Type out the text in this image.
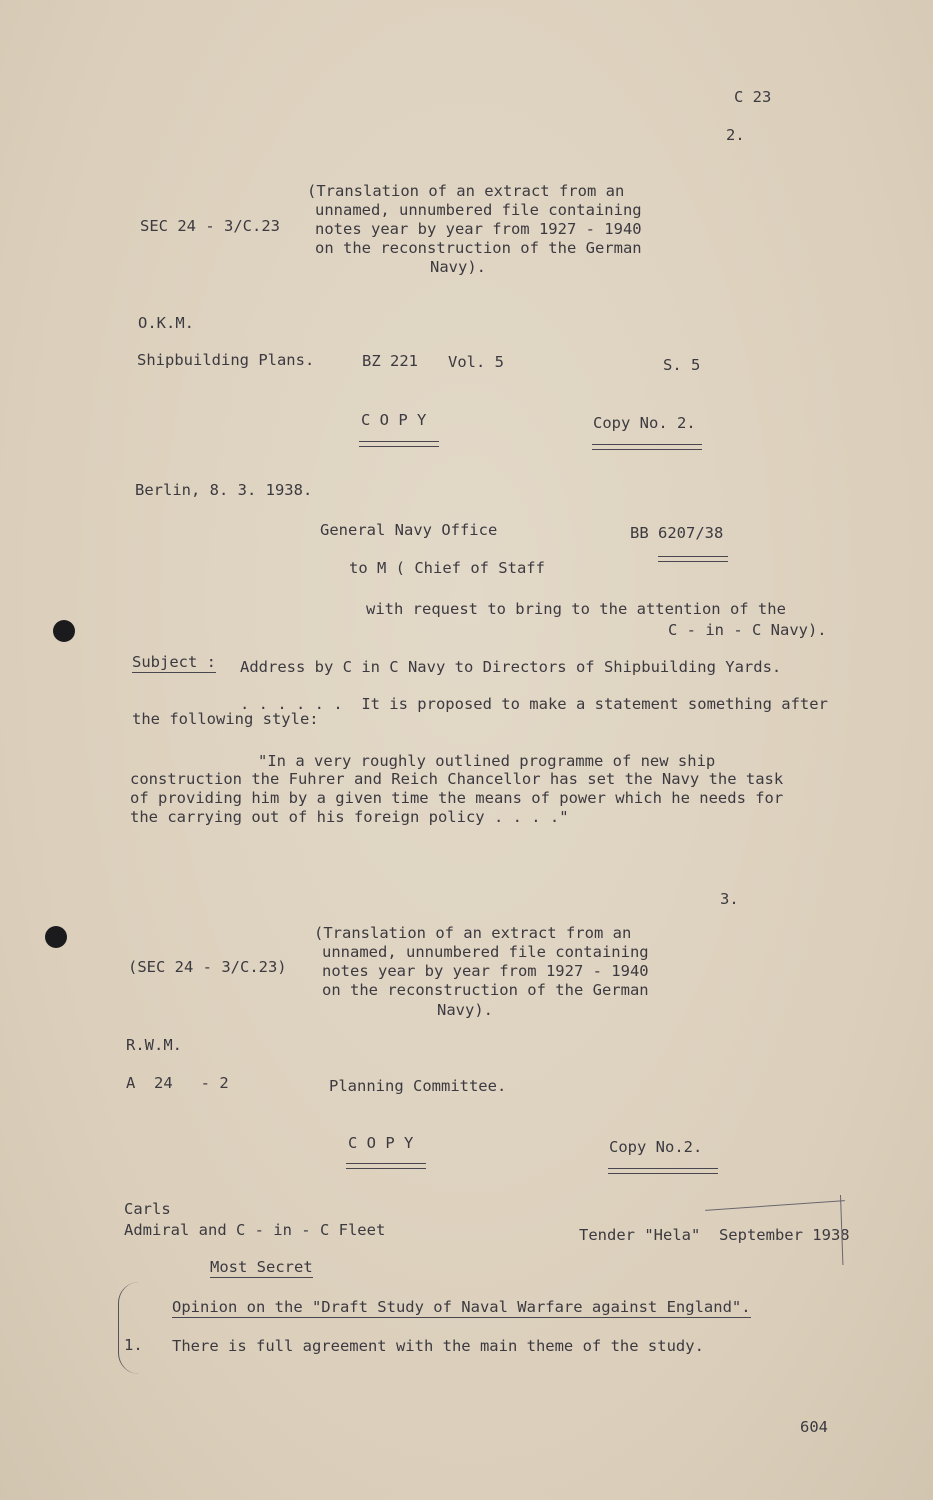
C 23
2.
(Translation of an extract from an
unnamed, unnumbered file containing
notes year by year from 1927 - 1940
on the reconstruction of the German
Navy).
SEC 24 - 3/C.23
O.K.M.
Shipbuilding Plans.	BZ 221 Vol. 5	S. 5
C O P Y	Copy No. 2.
Berlin, 8. 3. 1938.
General Navy Office	BB 6207/38
to M ( Chief of Staff
with request to bring to the attention of the
C - in - C Navy).
Subject : Address by C in C Navy to Directors of Shipbuilding Yards.
. . . . . .  It is proposed to make a statement something after
the following style:
"In a very roughly outlined programme of new ship
construction the Fuhrer and Reich Chancellor has set the Navy the task
of providing him by a given time the means of power which he needs for
the carrying out of his foreign policy . . . ."
3.
(Translation of an extract from an
unnamed, unnumbered file containing
notes year by year from 1927 - 1940
on the reconstruction of the German
Navy).
(SEC 24 - 3/C.23)
R.W.M.
A  24   - 2	Planning Committee.
C O P Y	Copy No.2.
Carls
Admiral and C - in - C Fleet	Tender "Hela"  September 1938
Most Secret
Opinion on the "Draft Study of Naval Warfare against England".
1. There is full agreement with the main theme of the study.
604
